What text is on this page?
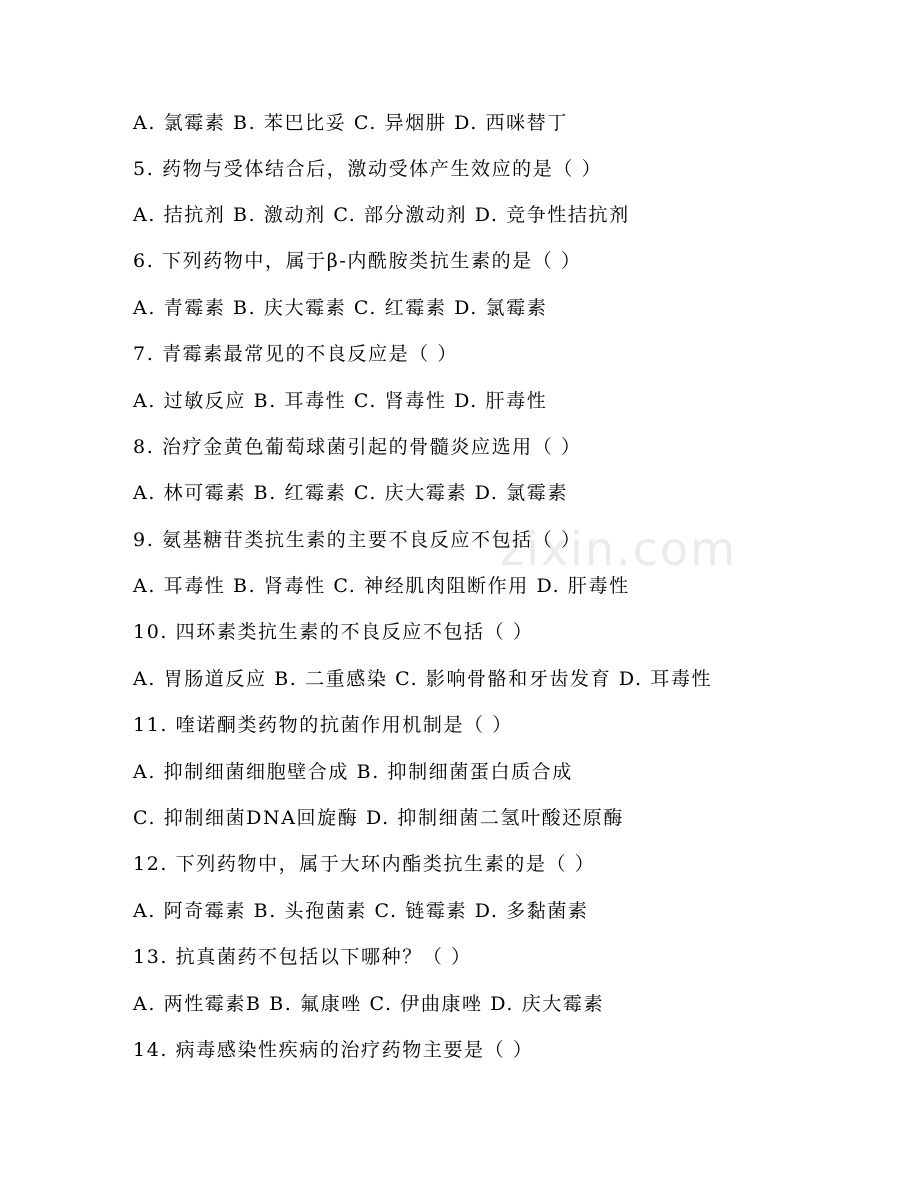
zixin.com
A. 氯霉素 B. 苯巴比妥 C. 异烟肼 D. 西咪替丁
5. 药物与受体结合后，激动受体产生效应的是（ ）
A. 拮抗剂 B. 激动剂 C. 部分激动剂 D. 竞争性拮抗剂
6. 下列药物中，属于β-内酰胺类抗生素的是（ ）
A. 青霉素 B. 庆大霉素 C. 红霉素 D. 氯霉素
7. 青霉素最常见的不良反应是（ ）
A. 过敏反应 B. 耳毒性 C. 肾毒性 D. 肝毒性
8. 治疗金黄色葡萄球菌引起的骨髓炎应选用（ ）
A. 林可霉素 B. 红霉素 C. 庆大霉素 D. 氯霉素
9. 氨基糖苷类抗生素的主要不良反应不包括（ ）
A. 耳毒性 B. 肾毒性 C. 神经肌肉阻断作用 D. 肝毒性
10. 四环素类抗生素的不良反应不包括（ ）
A. 胃肠道反应 B. 二重感染 C. 影响骨骼和牙齿发育 D. 耳毒性
11. 喹诺酮类药物的抗菌作用机制是（ ）
A. 抑制细菌细胞壁合成 B. 抑制细菌蛋白质合成
C. 抑制细菌DNA回旋酶 D. 抑制细菌二氢叶酸还原酶
12. 下列药物中，属于大环内酯类抗生素的是（ ）
A. 阿奇霉素 B. 头孢菌素 C. 链霉素 D. 多黏菌素
13. 抗真菌药不包括以下哪种？（ ）
A. 两性霉素B B. 氟康唑 C. 伊曲康唑 D. 庆大霉素
14. 病毒感染性疾病的治疗药物主要是（ ）
